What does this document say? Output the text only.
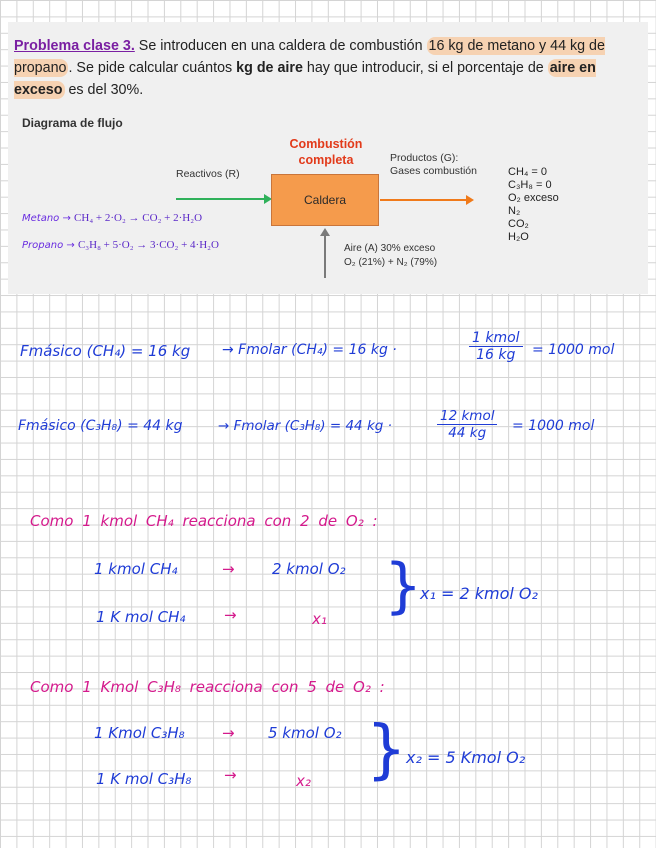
Problema clase 3. Se introducen en una caldera de combustión 16 kg de metano y 44 kg de propano . Se pide calcular cuántos kg de aire hay que introducir, si el porcentaje de aire en exceso es del 30%.
Diagrama de flujo
Combustión completa
Reactivos (R)
Productos (G):
Gases combustión
Caldera
Aire (A) 30% exceso
O₂ (21%) + N₂ (79%)
CH₄ = 0
C₃H₈ = 0
O₂ exceso
N₂
CO₂
H₂O
Metano → CH₄ + 2·O₂ → CO₂ + 2·H₂O
Propano → C₃H₈ + 5·O₂ → 3·CO₂ + 4·H₂O
Fmásico (CH₄) = 16 kg → Fmolar (CH₄) = 16 kg ·	$\frac{\text{1 kmol}}{16 kg} = 1000$ mol
Fmásico (C₃H₈) = 44 kg	→ Fmolar (C₃H₈) = 44 kg ·	$\frac{\text{12 kmol}}{44 kg} = 1000$ mol
Como 1 kmol CH₄ reacciona con 2 de O₂ :
1 kmol CH₄	→ 2 kmol O₂
1 K mol CH₄	→	x₁ }
x₁ = 2 kmol O₂
Como 1 Kmol C₃H₈ reacciona con 5 de O₂ :
1 Kmol C₃H₈ → 5 kmol O₂
1 K mol C₃H₈ →	x₂ } x₂ = 5 Kmol O₂
